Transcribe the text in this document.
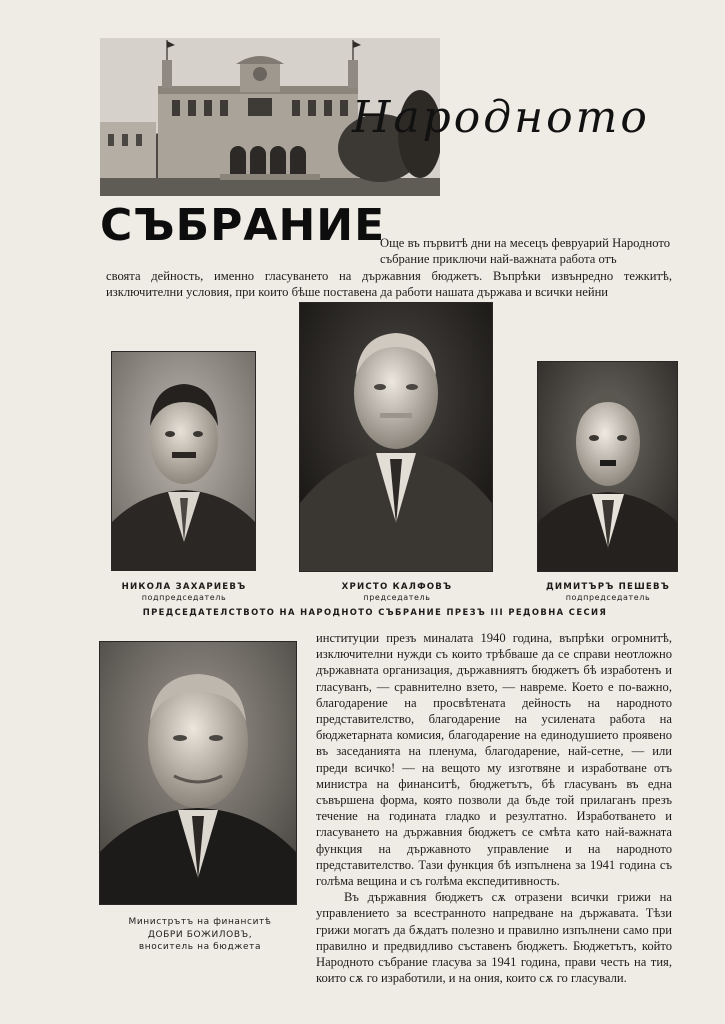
Народното
СЪБРАНИЕ

Още въ първитѣ дни на месецъ февруарий Народното събрание приключи най-важната работа отъ

своята дейность, именно гласуването на държавния бюджетъ. Въпрѣки извънредно тежкитѣ, изключителни условия, при които бѣше поставена да работи нашата държава и всички нейни

НИКОЛА ЗАХАРИЕВЪ
подпредседатель
ХРИСТО КАЛФОВЪ
председатель
ДИМИТЪРЪ ПЕШЕВЪ
подпредседатель
ПРЕДСЕДАТЕЛСТВОТО НА НАРОДНОТО СЪБРАНИЕ ПРЕЗЪ III РЕДОВНА СЕСИЯ
Министрътъ на финанситѣ
ДОБРИ БОЖИЛОВЪ,
вноситель на бюджета

институции презъ миналата 1940 година, въпрѣки огромнитѣ, изключителни нужди съ които трѣбваше да се справи неотложно държавната организация, държавниятъ бюджетъ бѣ изработенъ и гласуванъ, — сравнително взето, — навреме. Което е по-важно, благодарение на просвѣтената дейность на народното представителство, благодарение на усилената работа на бюджетарната комисия, благодарение на единодушието проявено въ заседанията на пленума, благодарение, най-сетне, — или преди всичко! — на вещото му изготвяне и изработване отъ министра на финанситѣ, бюджетътъ, бѣ гласуванъ въ една съвършена форма, която позволи да бъде той прилаганъ презъ течение на годината гладко и резултатно. Изработването и гласуването на държавния бюджетъ се смѣта като най-важната функция на държавното управление и на народното представителство. Тази функция бѣ изпълнена за 1941 година съ голѣма вещина и съ голѣма експедитивность.

Въ държавния бюджетъ сѫ отразени всички грижи на управлението за всестранното напредване на държавата. Тѣзи грижи могатъ да бѫдатъ полезно и правилно изпълнени само при правилно и предвидливо съставенъ бюджетъ. Бюджетътъ, който Народното събрание гласува за 1941 година, прави честь на тия, които сѫ го изработили, и на ония, които сѫ го гласували.
